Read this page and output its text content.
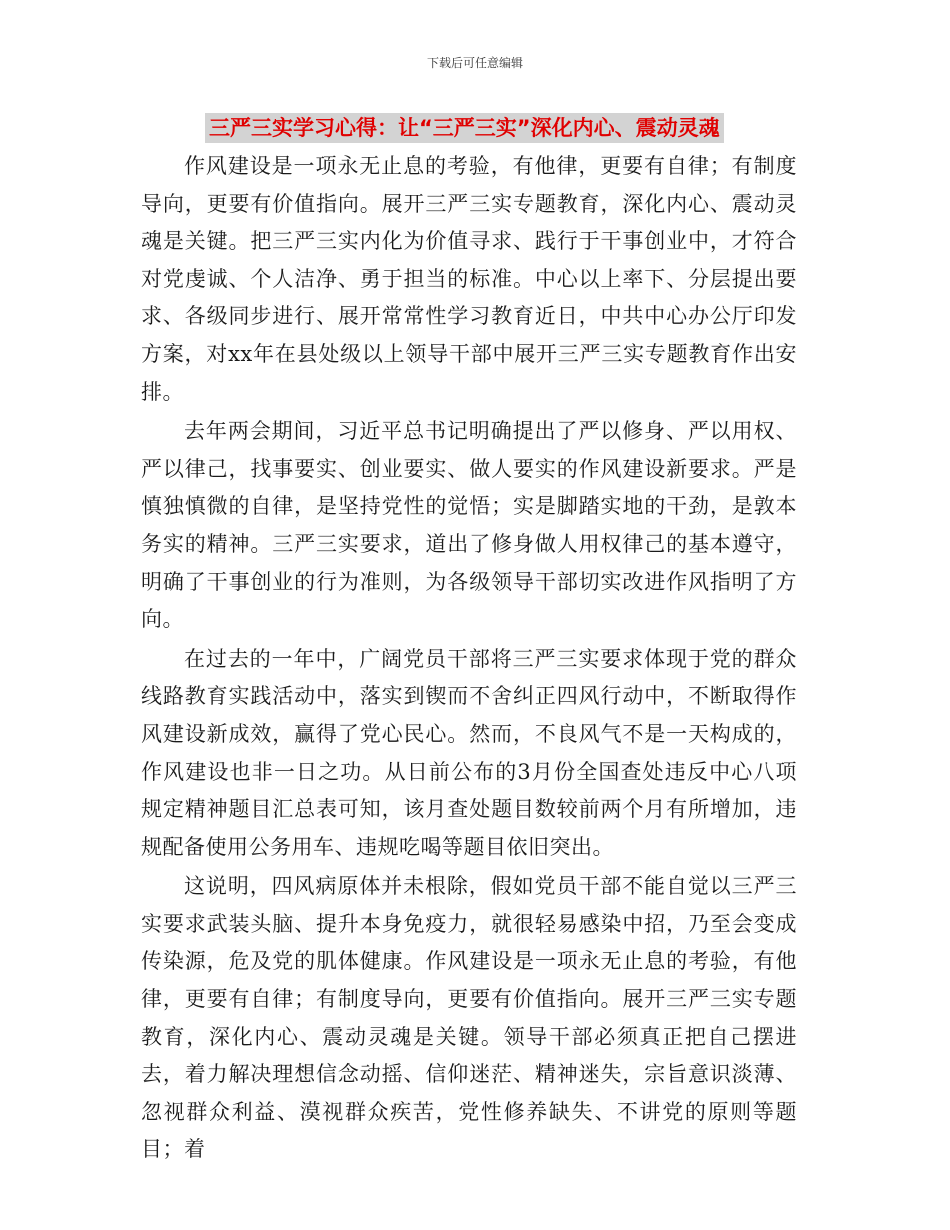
下载后可任意编辑
三严三实学习心得：让“三严三实”深化内心、震动灵魂

作风建设是一项永无止息的考验，有他律，更要有自律；有制度导向，更要有价值指向。展开三严三实专题教育，深化内心、震动灵魂是关键。把三严三实内化为价值寻求、践行于干事创业中，才符合对党虔诚、个人洁净、勇于担当的标准。中心以上率下、分层提出要求、各级同步进行、展开常常性学习教育近日，中共中心办公厅印发方案，对xx年在县处级以上领导干部中展开三严三实专题教育作出安排。

去年两会期间，习近平总书记明确提出了严以修身、严以用权、严以律己，找事要实、创业要实、做人要实的作风建设新要求。严是慎独慎微的自律，是坚持党性的觉悟；实是脚踏实地的干劲，是敦本务实的精神。三严三实要求，道出了修身做人用权律己的基本遵守，明确了干事创业的行为准则，为各级领导干部切实改进作风指明了方向。

在过去的一年中，广阔党员干部将三严三实要求体现于党的群众线路教育实践活动中，落实到锲而不舍纠正四风行动中，不断取得作风建设新成效，赢得了党心民心。然而，不良风气不是一天构成的，作风建设也非一日之功。从日前公布的3月份全国查处违反中心八项规定精神题目汇总表可知，该月查处题目数较前两个月有所增加，违规配备使用公务用车、违规吃喝等题目依旧突出。

这说明，四风病原体并未根除，假如党员干部不能自觉以三严三实要求武装头脑、提升本身免疫力，就很轻易感染中招，乃至会变成传染源，危及党的肌体健康。作风建设是一项永无止息的考验，有他律，更要有自律；有制度导向，更要有价值指向。展开三严三实专题教育，深化内心、震动灵魂是关键。领导干部必须真正把自己摆进去，着力解决理想信念动摇、信仰迷茫、精神迷失，宗旨意识淡薄、忽视群众利益、漠视群众疾苦，党性修养缺失、不讲党的原则等题目；着
